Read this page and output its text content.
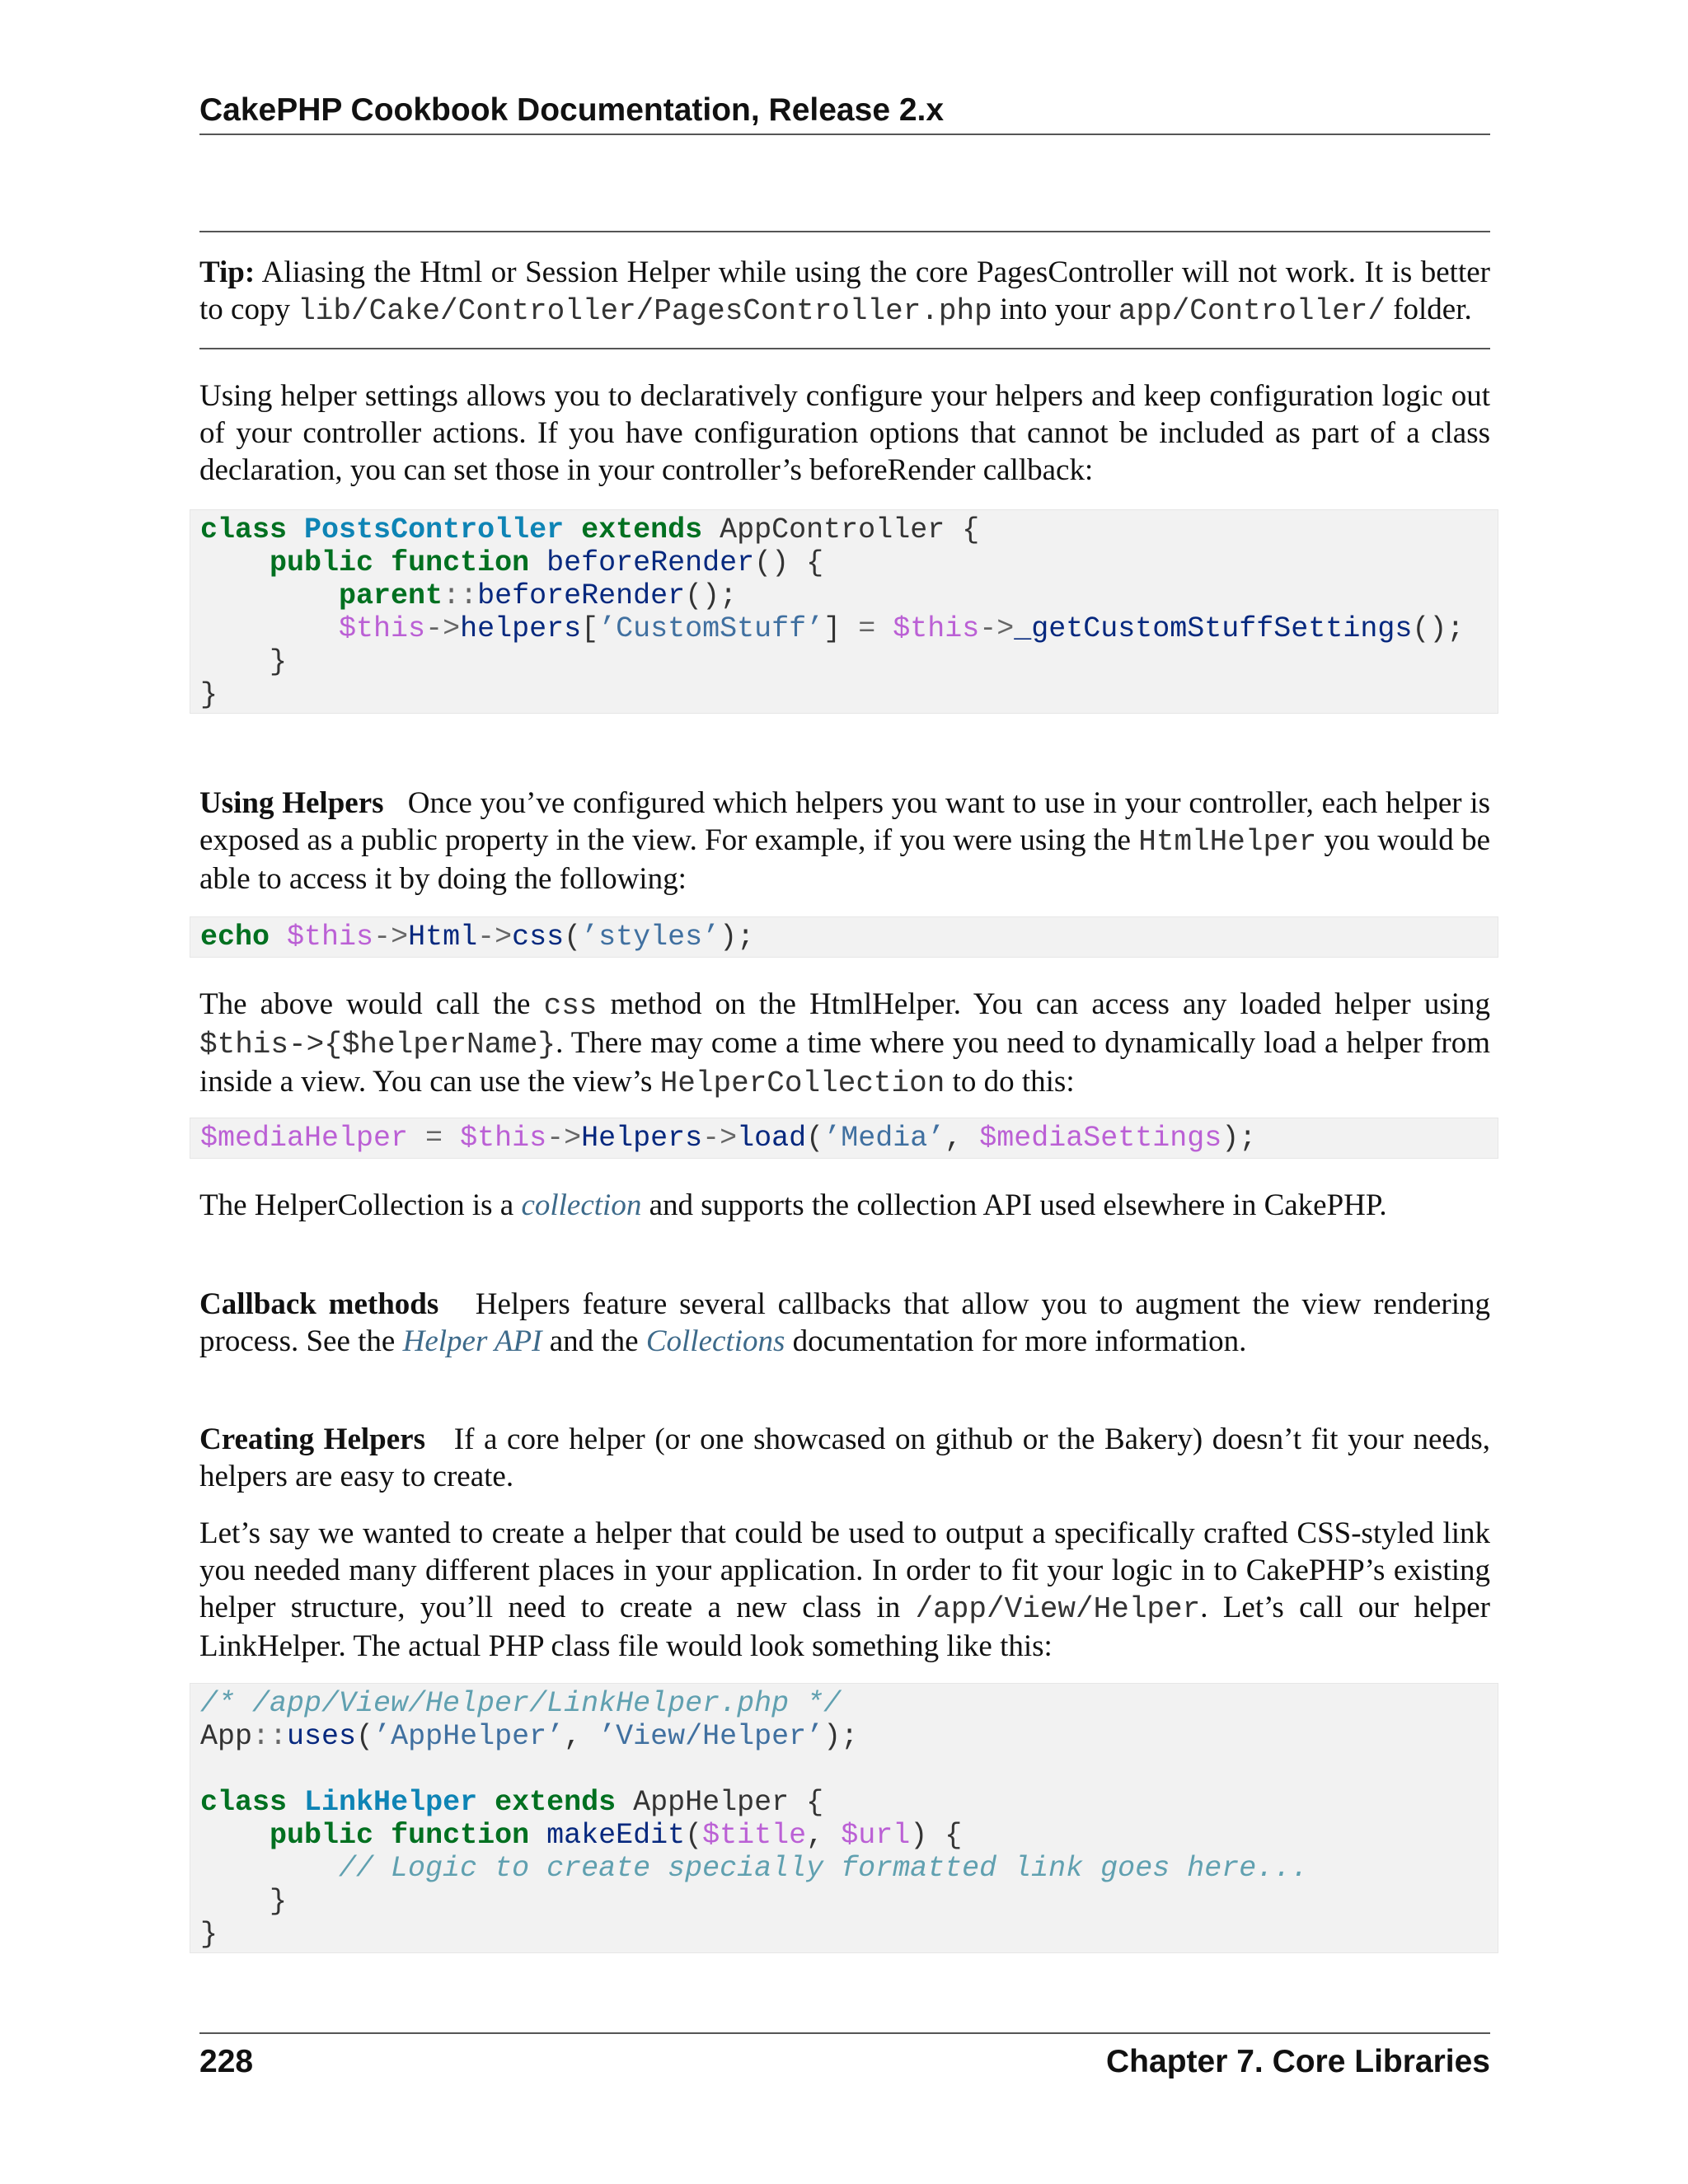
CakePHP Cookbook Documentation, Release 2.x
Tip: Aliasing the Html or Session Helper while using the core PagesController will not work. It is better to copy lib/Cake/Controller/PagesController.php into your app/Controller/ folder.
Using helper settings allows you to declaratively configure your helpers and keep configuration logic out of your controller actions. If you have configuration options that cannot be included as part of a class declaration, you can set those in your controller’s beforeRender callback:
class PostsController extends AppController {
public function beforeRender() {
parent::beforeRender();
$this->helpers[’CustomStuff’] = $this->_getCustomStuffSettings();
}
}
Using Helpers Once you’ve configured which helpers you want to use in your controller, each helper is exposed as a public property in the view. For example, if you were using the HtmlHelper you would be able to access it by doing the following:
echo $this->Html->css(’styles’);
The above would call the css method on the HtmlHelper. You can access any loaded helper using $this->{$helperName}. There may come a time where you need to dynamically load a helper from inside a view. You can use the view’s HelperCollection to do this:
$mediaHelper = $this->Helpers->load(’Media’, $mediaSettings);
The HelperCollection is a collection and supports the collection API used elsewhere in CakePHP.
Callback methods Helpers feature several callbacks that allow you to augment the view rendering process. See the Helper API and the Collections documentation for more information.
Creating Helpers If a core helper (or one showcased on github or the Bakery) doesn’t fit your needs, helpers are easy to create.
Let’s say we wanted to create a helper that could be used to output a specifically crafted CSS-styled link you needed many different places in your application. In order to fit your logic in to CakePHP’s existing helper structure, you’ll need to create a new class in /app/View/Helper. Let’s call our helper LinkHelper. The actual PHP class file would look something like this:
/* /app/View/Helper/LinkHelper.php */
App::uses(’AppHelper’, ’View/Helper’);

class LinkHelper extends AppHelper {
public function makeEdit($title, $url) {
// Logic to create specially formatted link goes here...
}
}
228	Chapter 7. Core Libraries
